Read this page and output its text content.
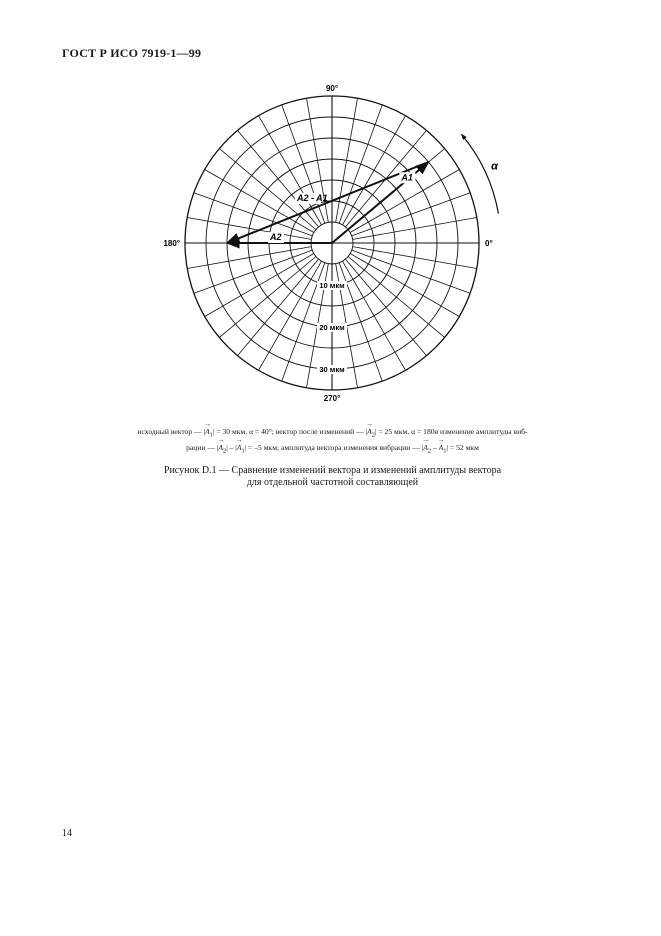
ГОСТ Р ИСО 7919-1—99
90°
0°
270°
180°
10 мкм
20 мкм
30 мкм
A1
A2
A2 - A1
α
исходный вектор — |→ $A_1| = 30$ мкм, α = 40°; вектор после изменений — |→ $A_2| = 25$ мкм, α = 180в изменение амплитуды виб-
рации — |→ $A_2|$ – |→ $A_1| = -5$ мкм; амплитуда вектора изменения вибрации — |→ $A_2$ – → $A_1| = 52$ мкм
Рисунок D.1 — Сравнение изменений вектора и изменений амплитуды вектора
для отдельной частотной составляющей
14
